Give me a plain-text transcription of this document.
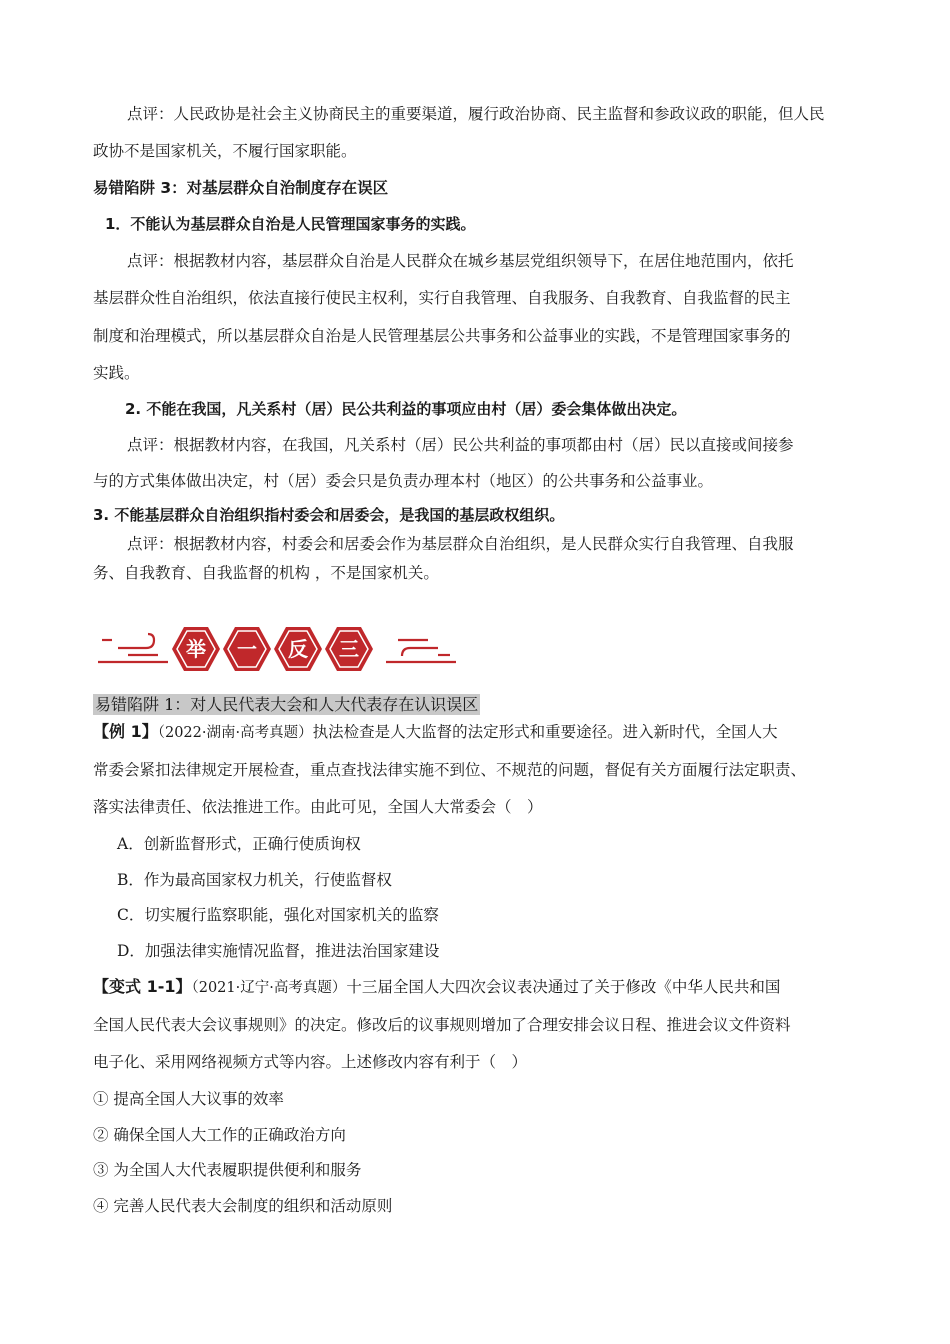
点评：人民政协是社会主义协商民主的重要渠道，履行政治协商、民主监督和参政议政的职能，但人民
政协不是国家机关，不履行国家职能。
易错陷阱 3：对基层群众自治制度存在误区
1．不能认为基层群众自治是人民管理国家事务的实践。
点评：根据教材内容，基层群众自治是人民群众在城乡基层党组织领导下，在居住地范围内，依托
基层群众性自治组织，依法直接行使民主权利，实行自我管理、自我服务、自我教育、自我监督的民主
制度和治理模式，所以基层群众自治是人民管理基层公共事务和公益事业的实践，不是管理国家事务的
实践。
2. 不能在我国，凡关系村（居）民公共利益的事项应由村（居）委会集体做出决定。
点评：根据教材内容，在我国，凡关系村（居）民公共利益的事项都由村（居）民以直接或间接参
与的方式集体做出决定，村（居）委会只是负责办理本村（地区）的公共事务和公益事业。
3. 不能基层群众自治组织指村委会和居委会，是我国的基层政权组织。
点评：根据教材内容，村委会和居委会作为基层群众自治组织，是人民群众实行自我管理、自我服
务、自我教育、自我监督的机构 ，不是国家机关。
举 一 反 三
易错陷阱 1：对人民代表大会和人大代表存在认识误区
【例 1】（2022·湖南·高考真题）执法检查是人大监督的法定形式和重要途径。进入新时代，全国人大
常委会紧扣法律规定开展检查，重点查找法律实施不到位、不规范的问题，督促有关方面履行法定职责、
落实法律责任、依法推进工作。由此可见，全国人大常委会（　）
A．创新监督形式，正确行使质询权
B．作为最高国家权力机关，行使监督权
C．切实履行监察职能，强化对国家机关的监察
D．加强法律实施情况监督，推进法治国家建设
【变式 1-1】（2021·辽宁·高考真题）十三届全国人大四次会议表决通过了关于修改《中华人民共和国
全国人民代表大会议事规则》的决定。修改后的议事规则增加了合理安排会议日程、推进会议文件资料
电子化、采用网络视频方式等内容。上述修改内容有利于（　）
① 提高全国人大议事的效率
② 确保全国人大工作的正确政治方向
③ 为全国人大代表履职提供便利和服务
④ 完善人民代表大会制度的组织和活动原则
